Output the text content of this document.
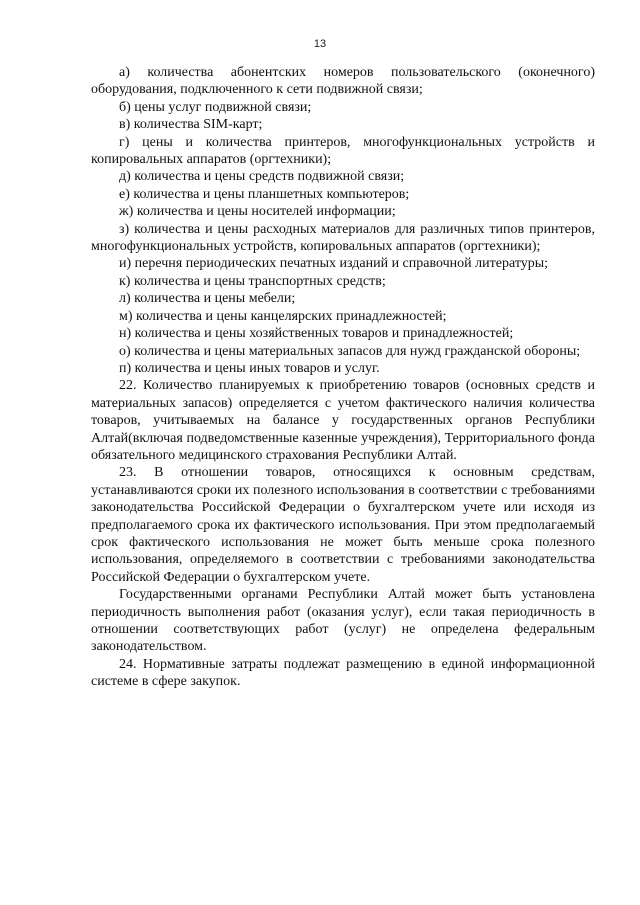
13

а) количества абонентских номеров пользовательского (оконечного) оборудования, подключенного к сети подвижной связи;

б) цены услуг подвижной связи;

в) количества SIM-карт;

г) цены и количества принтеров, многофункциональных устройств и копировальных аппаратов (оргтехники);

д) количества и цены средств подвижной связи;

е) количества и цены планшетных компьютеров;

ж) количества и цены носителей информации;

з) количества и цены расходных материалов для различных типов принтеров, многофункциональных устройств, копировальных аппаратов (оргтехники);

и) перечня периодических печатных изданий и справочной литературы;

к) количества и цены транспортных средств;

л) количества и цены мебели;

м) количества и цены канцелярских принадлежностей;

н) количества и цены хозяйственных товаров и принадлежностей;

о) количества и цены материальных запасов для нужд гражданской обороны;

п) количества и цены иных товаров и услуг.

22. Количество планируемых к приобретению товаров (основных средств и материальных запасов) определяется с учетом фактического наличия количества товаров, учитываемых на балансе у государственных органов Республики Алтай(включая подведомственные казенные учреждения), Территориального фонда обязательного медицинского страхования Республики Алтай.

23. В отношении товаров, относящихся к основным средствам, устанавливаются сроки их полезного использования в соответствии с требованиями законодательства Российской Федерации о бухгалтерском учете или исходя из предполагаемого срока их фактического использования. При этом предполагаемый срок фактического использования не может быть меньше срока полезного использования, определяемого в соответствии с требованиями законодательства Российской Федерации о бухгалтерском учете.

Государственными органами Республики Алтай может быть установлена периодичность выполнения работ (оказания услуг), если такая периодичность в отношении соответствующих работ (услуг) не определена федеральным законодательством.

24. Нормативные затраты подлежат размещению в единой информационной системе в сфере закупок.
